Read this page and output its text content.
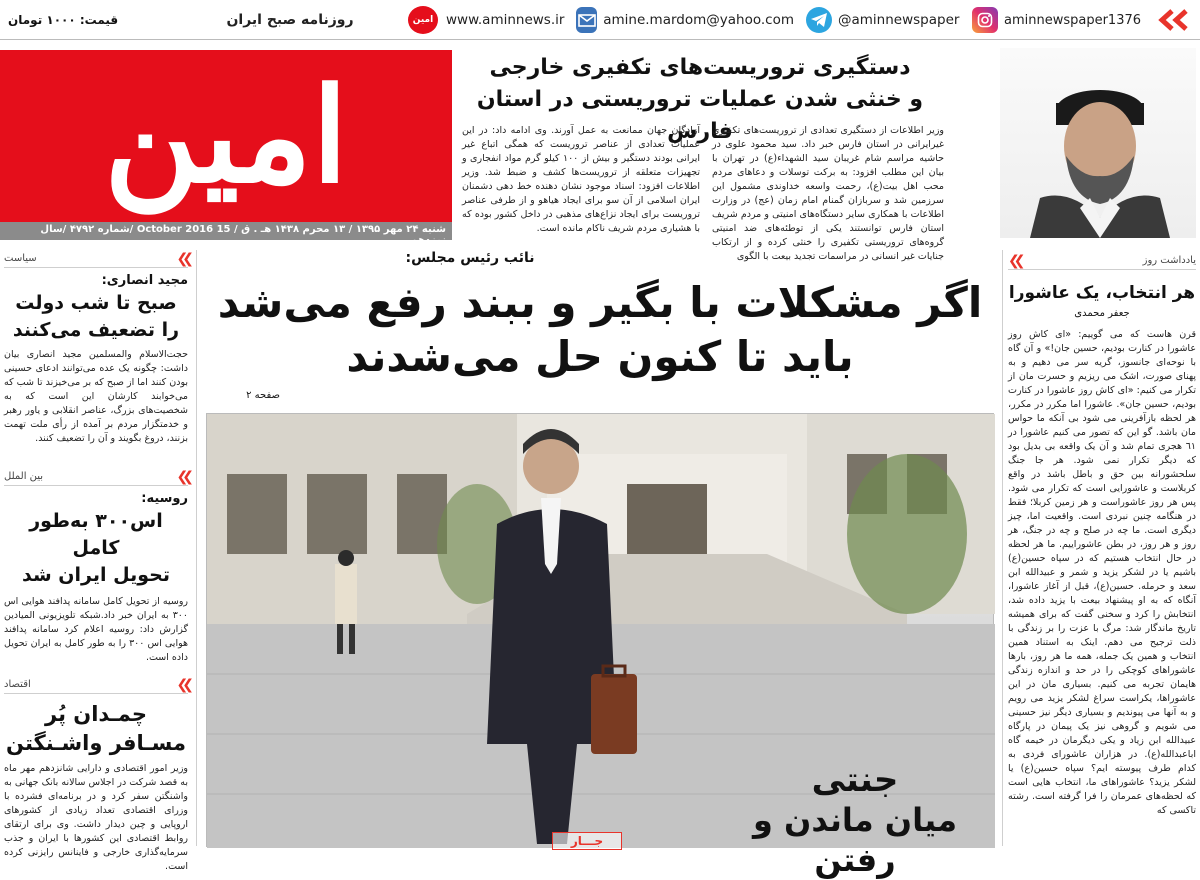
قیمت: ۱۰۰۰ تومان	روزنامه صبح ایران	امین www.aminnews.ir	amine.mardom@yahoo.com	@aminnewspaper	aminnewspaper1376
امین
شنبه ۲۴ مهر ۱۳۹۵ / ۱۳ محرم ۱۴۳۸ هـ . ق / 15 October 2016 /شماره ۴۷۹۲ /سال نوزدهم
دستگیری تروریست‌های تکفیری خارجی
و خنثی شدن عملیات تروریستی در استان فارس
وزیر اطلاعات از دستگیری تعدادی از تروریست‌های تکفیری غیرایرانی در استان فارس خبر داد. سید محمود علوی در حاشیه مراسم شام غریبان سید الشهداء(ع) در تهران با بیان این مطلب افزود: به برکت توسلات و دعاهای مردم محب اهل بیت(ع)، رحمت واسعه خداوندی مشمول این سرزمین شد و سربازان گمنام امام زمان (عج) در وزارت اطلاعات با همکاری سایر دستگاه‌های امنیتی و مردم شریف استان فارس توانستند یکی از توطئه‌های ضد امنیتی گروه‌های تروریستی تکفیری را خنثی کرده و از ارتکاب جنایات غیر انسانی در مراسمات تجدید بیعت با الگوی
آزادگان جهان ممانعت به عمل آورند. وی ادامه داد: در این عملیات تعدادی از عناصر تروریست که همگی اتباع غیر ایرانی بودند دستگیر و بیش از ۱۰۰ کیلو گرم مواد انفجاری و تجهیزات متعلقه از تروریست‌ها کشف و ضبط شد. وزیر اطلاعات افزود: اسناد موجود نشان دهنده خط دهی دشمنان ایران اسلامی از آن سو برای ایجاد هیاهو و از طرفی عناصر تروریست برای ایجاد نزاع‌های مذهبی در داخل کشور بوده که با هشیاری مردم شریف ناکام مانده است.
سیاست	❮❮
مجید انصاری:
صبح تا شب دولت
را تضعیف می‌کنند
حجت‌الاسلام والمسلمین مجید انصاری بیان داشت: چگونه یک عده می‌توانند ادعای حسینی بودن کنند اما از صبح که بر می‌خیزند تا شب که می‌خوابند کارشان این است که به شخصیت‌های بزرگ، عناصر انقلابی و یاور رهبر و خدمتگزار مردم بر آمده از رأی ملت تهمت بزنند، دروغ بگویند و آن را تضعیف کنند.
بین الملل	❮❮
روسیه:
اس‌۳۰۰ به‌طور کامل
تحویل ایران شد
روسیه از تحویل کامل سامانه پدافند هوایی اس ۳۰۰ به ایران خبر داد.شبکه تلویزیونی المیادین گزارش داد: روسیه اعلام کرد سامانه پدافند هوایی اس ۳۰۰ را به طور کامل به ایران تحویل داده است.
اقتصاد	❮❮
چمـدان پُر
مسـافر واشـنگتن
وزیر امور اقتصادی و دارایی شانزدهم مهر ماه به قصد شرکت در اجلاس سالانه بانک جهانی به واشنگتن سفر کرد و در برنامه‌ای فشرده با وزرای اقتصادی تعداد زیادی از کشورهای اروپایی و چین دیدار داشت. وی برای ارتقای روابط اقتصادی این کشورها با ایران و جذب سرمایه‌گذاری خارجی و فاینانس رایزنی کرده است.
نائب رئیس مجلس:
اگر مشکلات با بگیر و ببند رفع می‌شد
باید تا کنون حل می‌شدند
صفحه ۲
جنتی
میان ماندن و رفتن
جـــار
❮❮	یادداشت روز
هر انتخاب، یک عاشورا
جعفر محمدی
قرن هاست که می گوییم: «ای کاش روز عاشورا در کنارت بودیم، حسین جان!» و آن گاه با نوحه‌ای جانسوز، گریه سر می دهیم و به پهنای صورت، اشک می ریزیم و حسرت مان از تکرار می کنیم: «ای کاش روز عاشورا در کنارت بودیم، حسین جان». عاشورا اما مکرر در مکرر، هر لحظه بازآفرینی می شود بی آنکه ما حواس مان باشد. گو این که تصور می کنیم عاشورا در ٦١ هجری تمام شد و آن یک واقعه بی بدیل بود که دیگر تکرار نمی شود. هر جا جنگ سلحشورانه بین حق و باطل باشد در واقع کربلاست و عاشورایی است که تکرار می شود. پس هر روز عاشوراست و هر زمین کربلا؛ فقط در هنگامه چنین نبردی است. واقعیت اما، چیز دیگری است. ما چه در صلح و چه در جنگ، هر روز و هر روز، در بطن عاشوراییم. ما هر لحظه در حال انتخاب هستیم که در سپاه حسین(ع) باشیم یا در لشکر یزید و شمر و عبیدالله ابن سعد و حرمله. حسین(ع)، قبل از آغاز عاشورا، آنگاه که به او پیشنهاد بیعت با یزید داده شد، انتخابش را کرد و سخنی گفت که برای همیشه تاریخ ماندگار شد: مرگ با عزت را بر زندگی با ذلت ترجیح می دهم. اینک به استناد همین انتخاب و همین یک جمله، همه ما هر روز، بارها عاشوراهای کوچکی را در حد و اندازه زندگی هایمان تجربه می کنیم. بسیاری مان در این عاشوراها، یکراست سراغ لشکر یزید می رویم و به آنها می پیوندیم و بسیاری دیگر نیز حسینی می شویم و گروهی نیز یک پیمان در پارگاه عبیدالله ابن زیاد و یکی دیگرمان در خیمه گاه اباعبدالله(ع). در هزاران عاشورای فردی به کدام طرف پیوسته ایم؟ سپاه حسین(ع) یا لشکر یزید؟ عاشوراهای ما، انتخاب هایی است که لحظه‌های عمرمان را فرا گرفته است. رشته تاکسی که
